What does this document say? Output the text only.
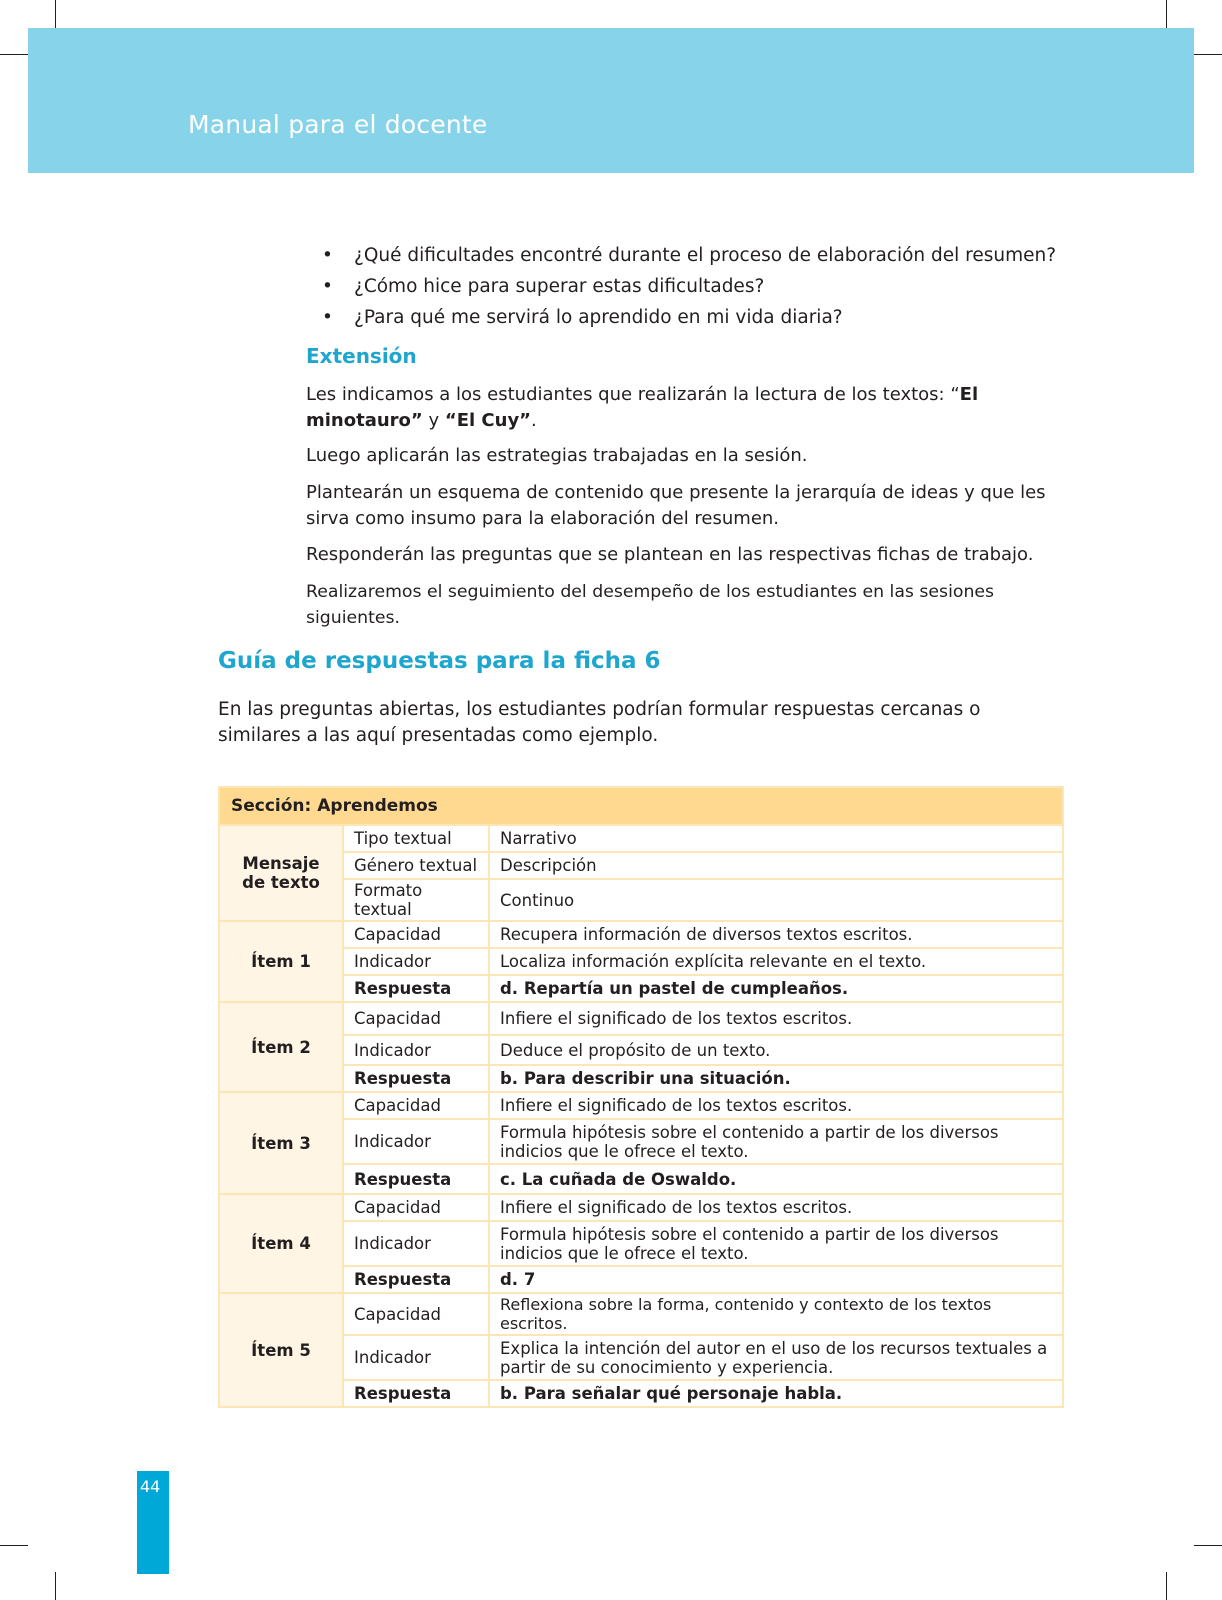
Manual para el docente
• ¿Qué dificultades encontré durante el proceso de elaboración del resumen?
• ¿Cómo hice para superar estas dificultades?
• ¿Para qué me servirá lo aprendido en mi vida diaria?
Extensión

Les indicamos a los estudiantes que realizarán la lectura de los textos: “El minotauro” y “El Cuy”.

Luego aplicarán las estrategias trabajadas en la sesión.

Plantearán un esquema de contenido que presente la jerarquía de ideas y que les sirva como insumo para la elaboración del resumen.

Responderán las preguntas que se plantean en las respectivas fichas de trabajo.

Realizaremos el seguimiento del desempeño de los estudiantes en las sesiones siguientes.

Guía de respuestas para la ficha 6

En las preguntas abiertas, los estudiantes podrían formular respuestas cercanas o similares a las aquí presentadas como ejemplo.

Sección: Aprendemos		
Mensaje de texto	Tipo textual	Narrativo
	Género textual	Descripción
	Formato textual	Continuo
Ítem 1	Capacidad	Recupera información de diversos textos escritos.
	Indicador	Localiza información explícita relevante en el texto.
	Respuesta	d. Repartía un pastel de cumpleaños.
Ítem 2	Capacidad	Infiere el significado de los textos escritos.
	Indicador	Deduce el propósito de un texto.
	Respuesta	b. Para describir una situación.
Ítem 3	Capacidad	Infiere el significado de los textos escritos.
	Indicador	Formula hipótesis sobre el contenido a partir de los diversos indicios que le ofrece el texto.
	Respuesta	c. La cuñada de Oswaldo.
Ítem 4	Capacidad	Infiere el significado de los textos escritos.
	Indicador	Formula hipótesis sobre el contenido a partir de los diversos indicios que le ofrece el texto.
	Respuesta	d. 7
Ítem 5	Capacidad	Reflexiona sobre la forma, contenido y contexto de los textos escritos.
	Indicador	Explica la intención del autor en el uso de los recursos textuales a partir de su conocimiento y experiencia.
	Respuesta	b. Para señalar qué personaje habla.
44
